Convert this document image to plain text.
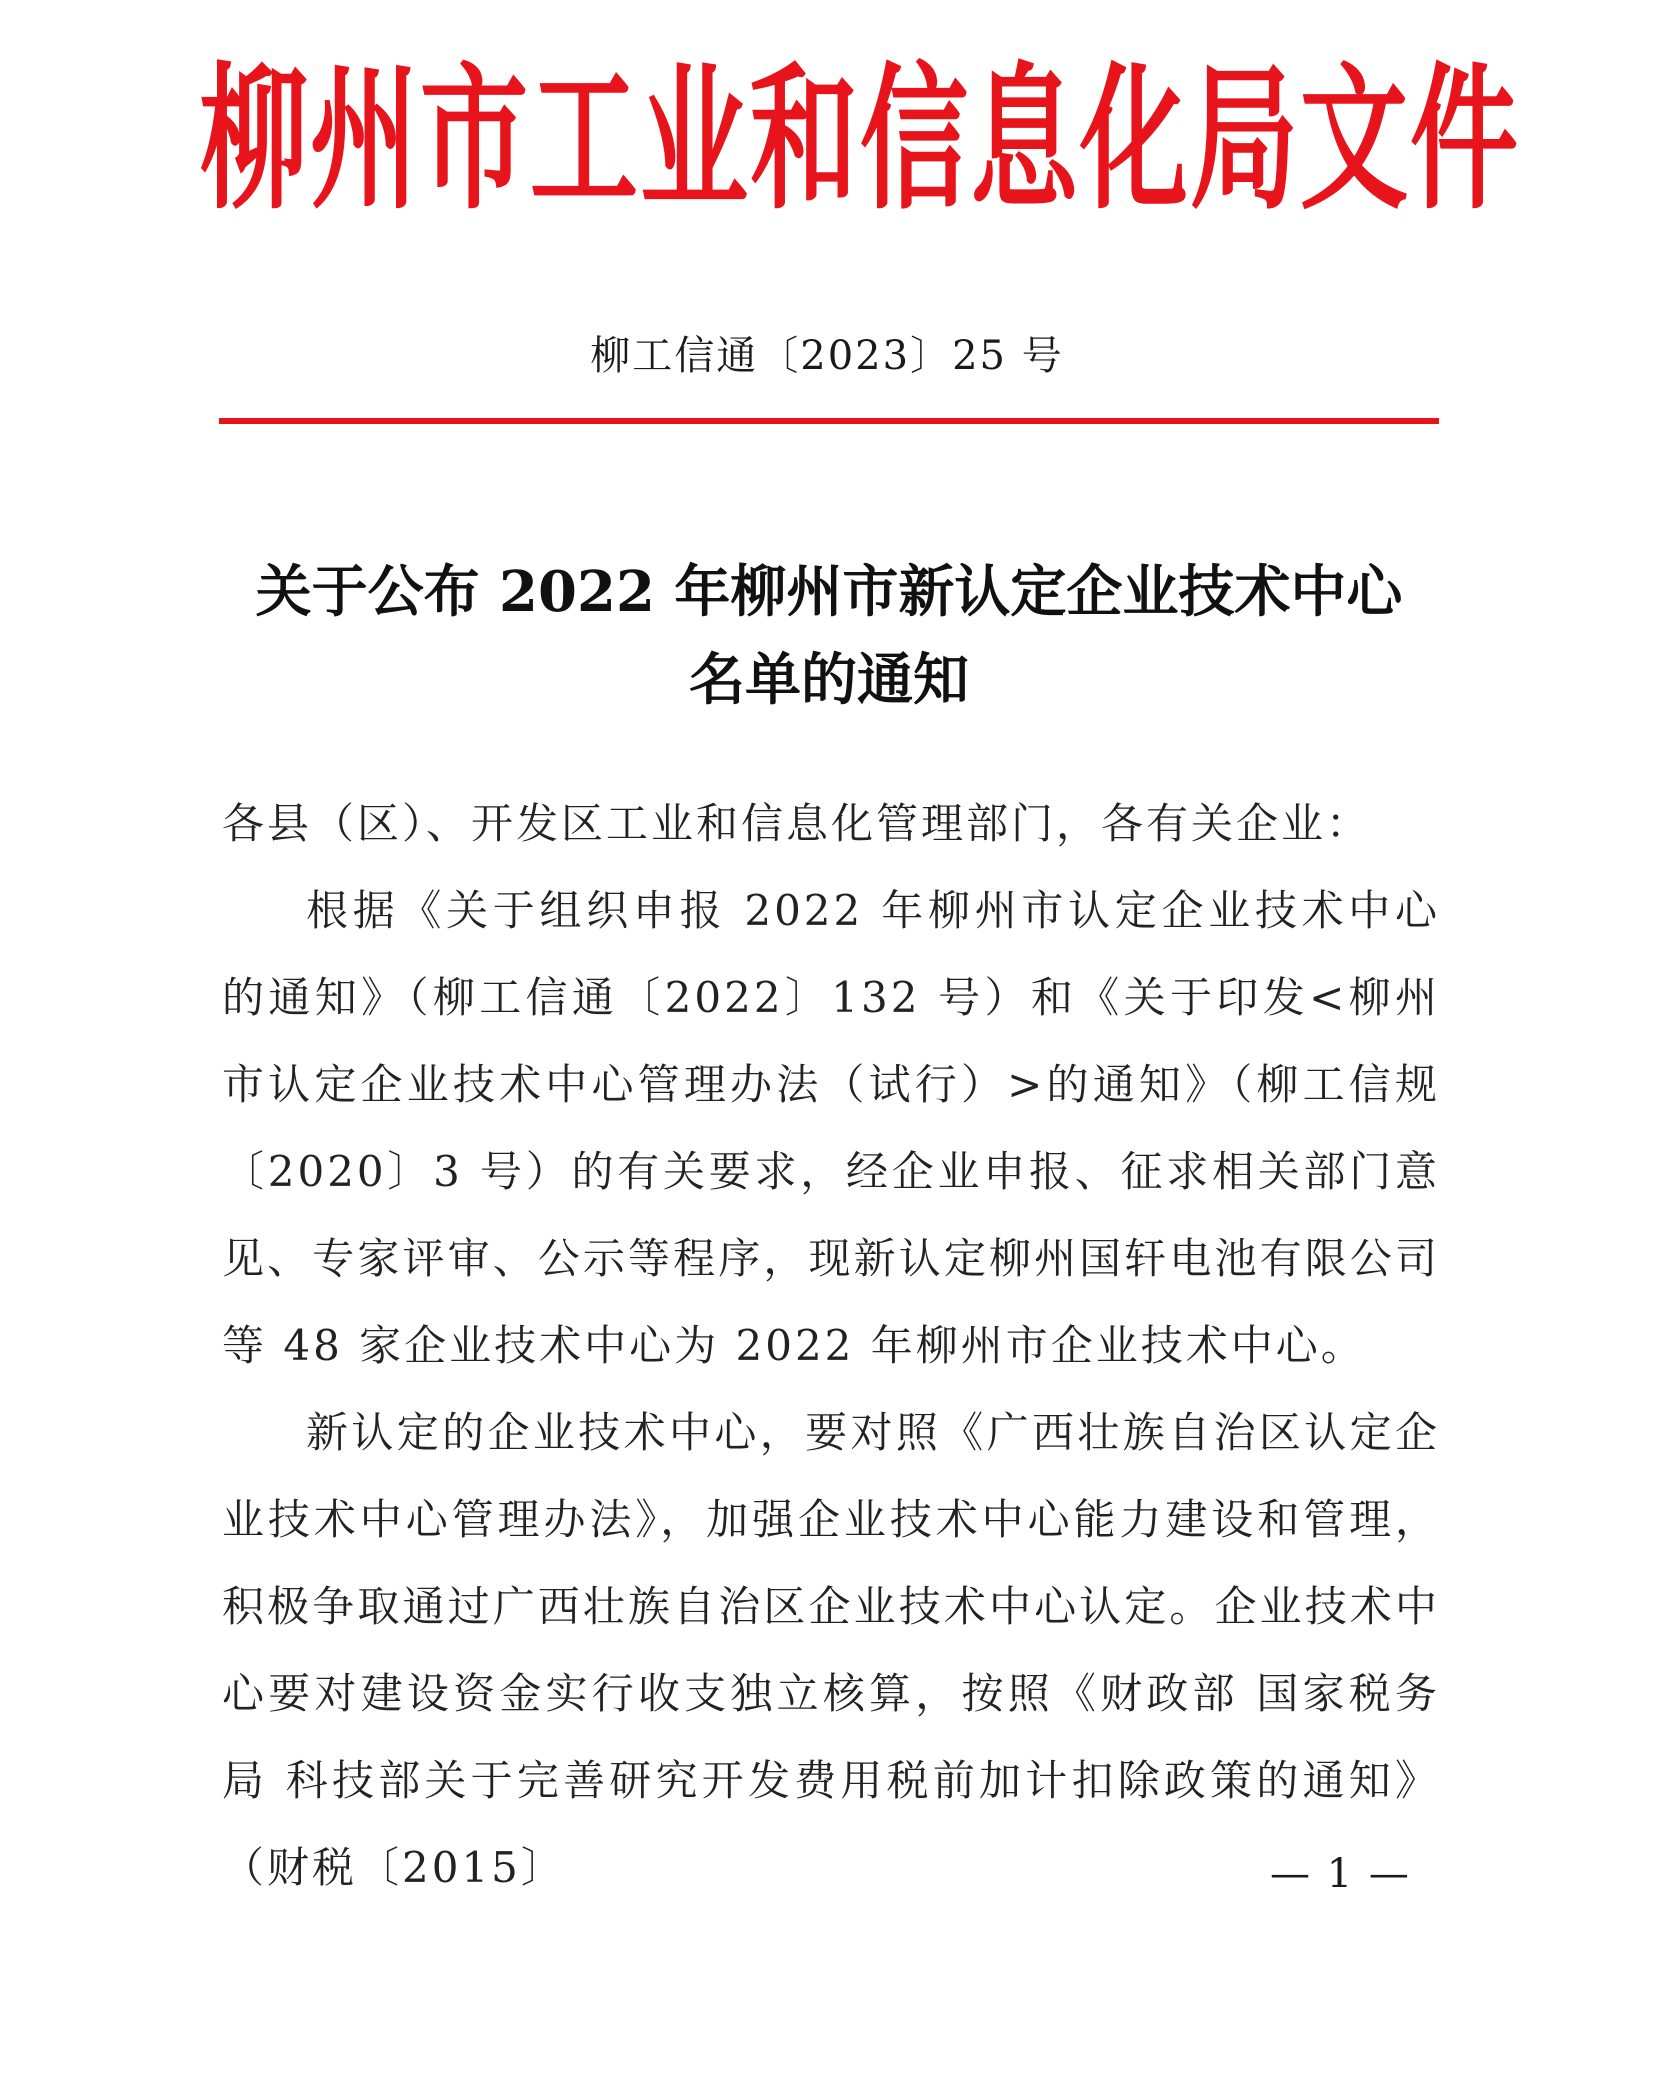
柳州市工业和信息化局文件
柳工信通〔2023〕25 号
关于公布 2022 年柳州市新认定企业技术中心
名单的通知

各县（区）、开发区工业和信息化管理部门，各有关企业：

根据《关于组织申报 2022 年柳州市认定企业技术中心的通知》（柳工信通〔2022〕132 号）和《关于印发<柳州市认定企业技术中心管理办法（试行）>的通知》（柳工信规〔2020〕3 号）的有关要求，经企业申报、征求相关部门意见、专家评审、公示等程序，现新认定柳州国轩电池有限公司等 48 家企业技术中心为 2022 年柳州市企业技术中心。

新认定的企业技术中心，要对照《广西壮族自治区认定企业技术中心管理办法》，加强企业技术中心能力建设和管理，积极争取通过广西壮族自治区企业技术中心认定。企业技术中心要对建设资金实行收支独立核算，按照《财政部 国家税务局 科技部关于完善研究开发费用税前加计扣除政策的通知》（财税〔2015〕	— 1 —
